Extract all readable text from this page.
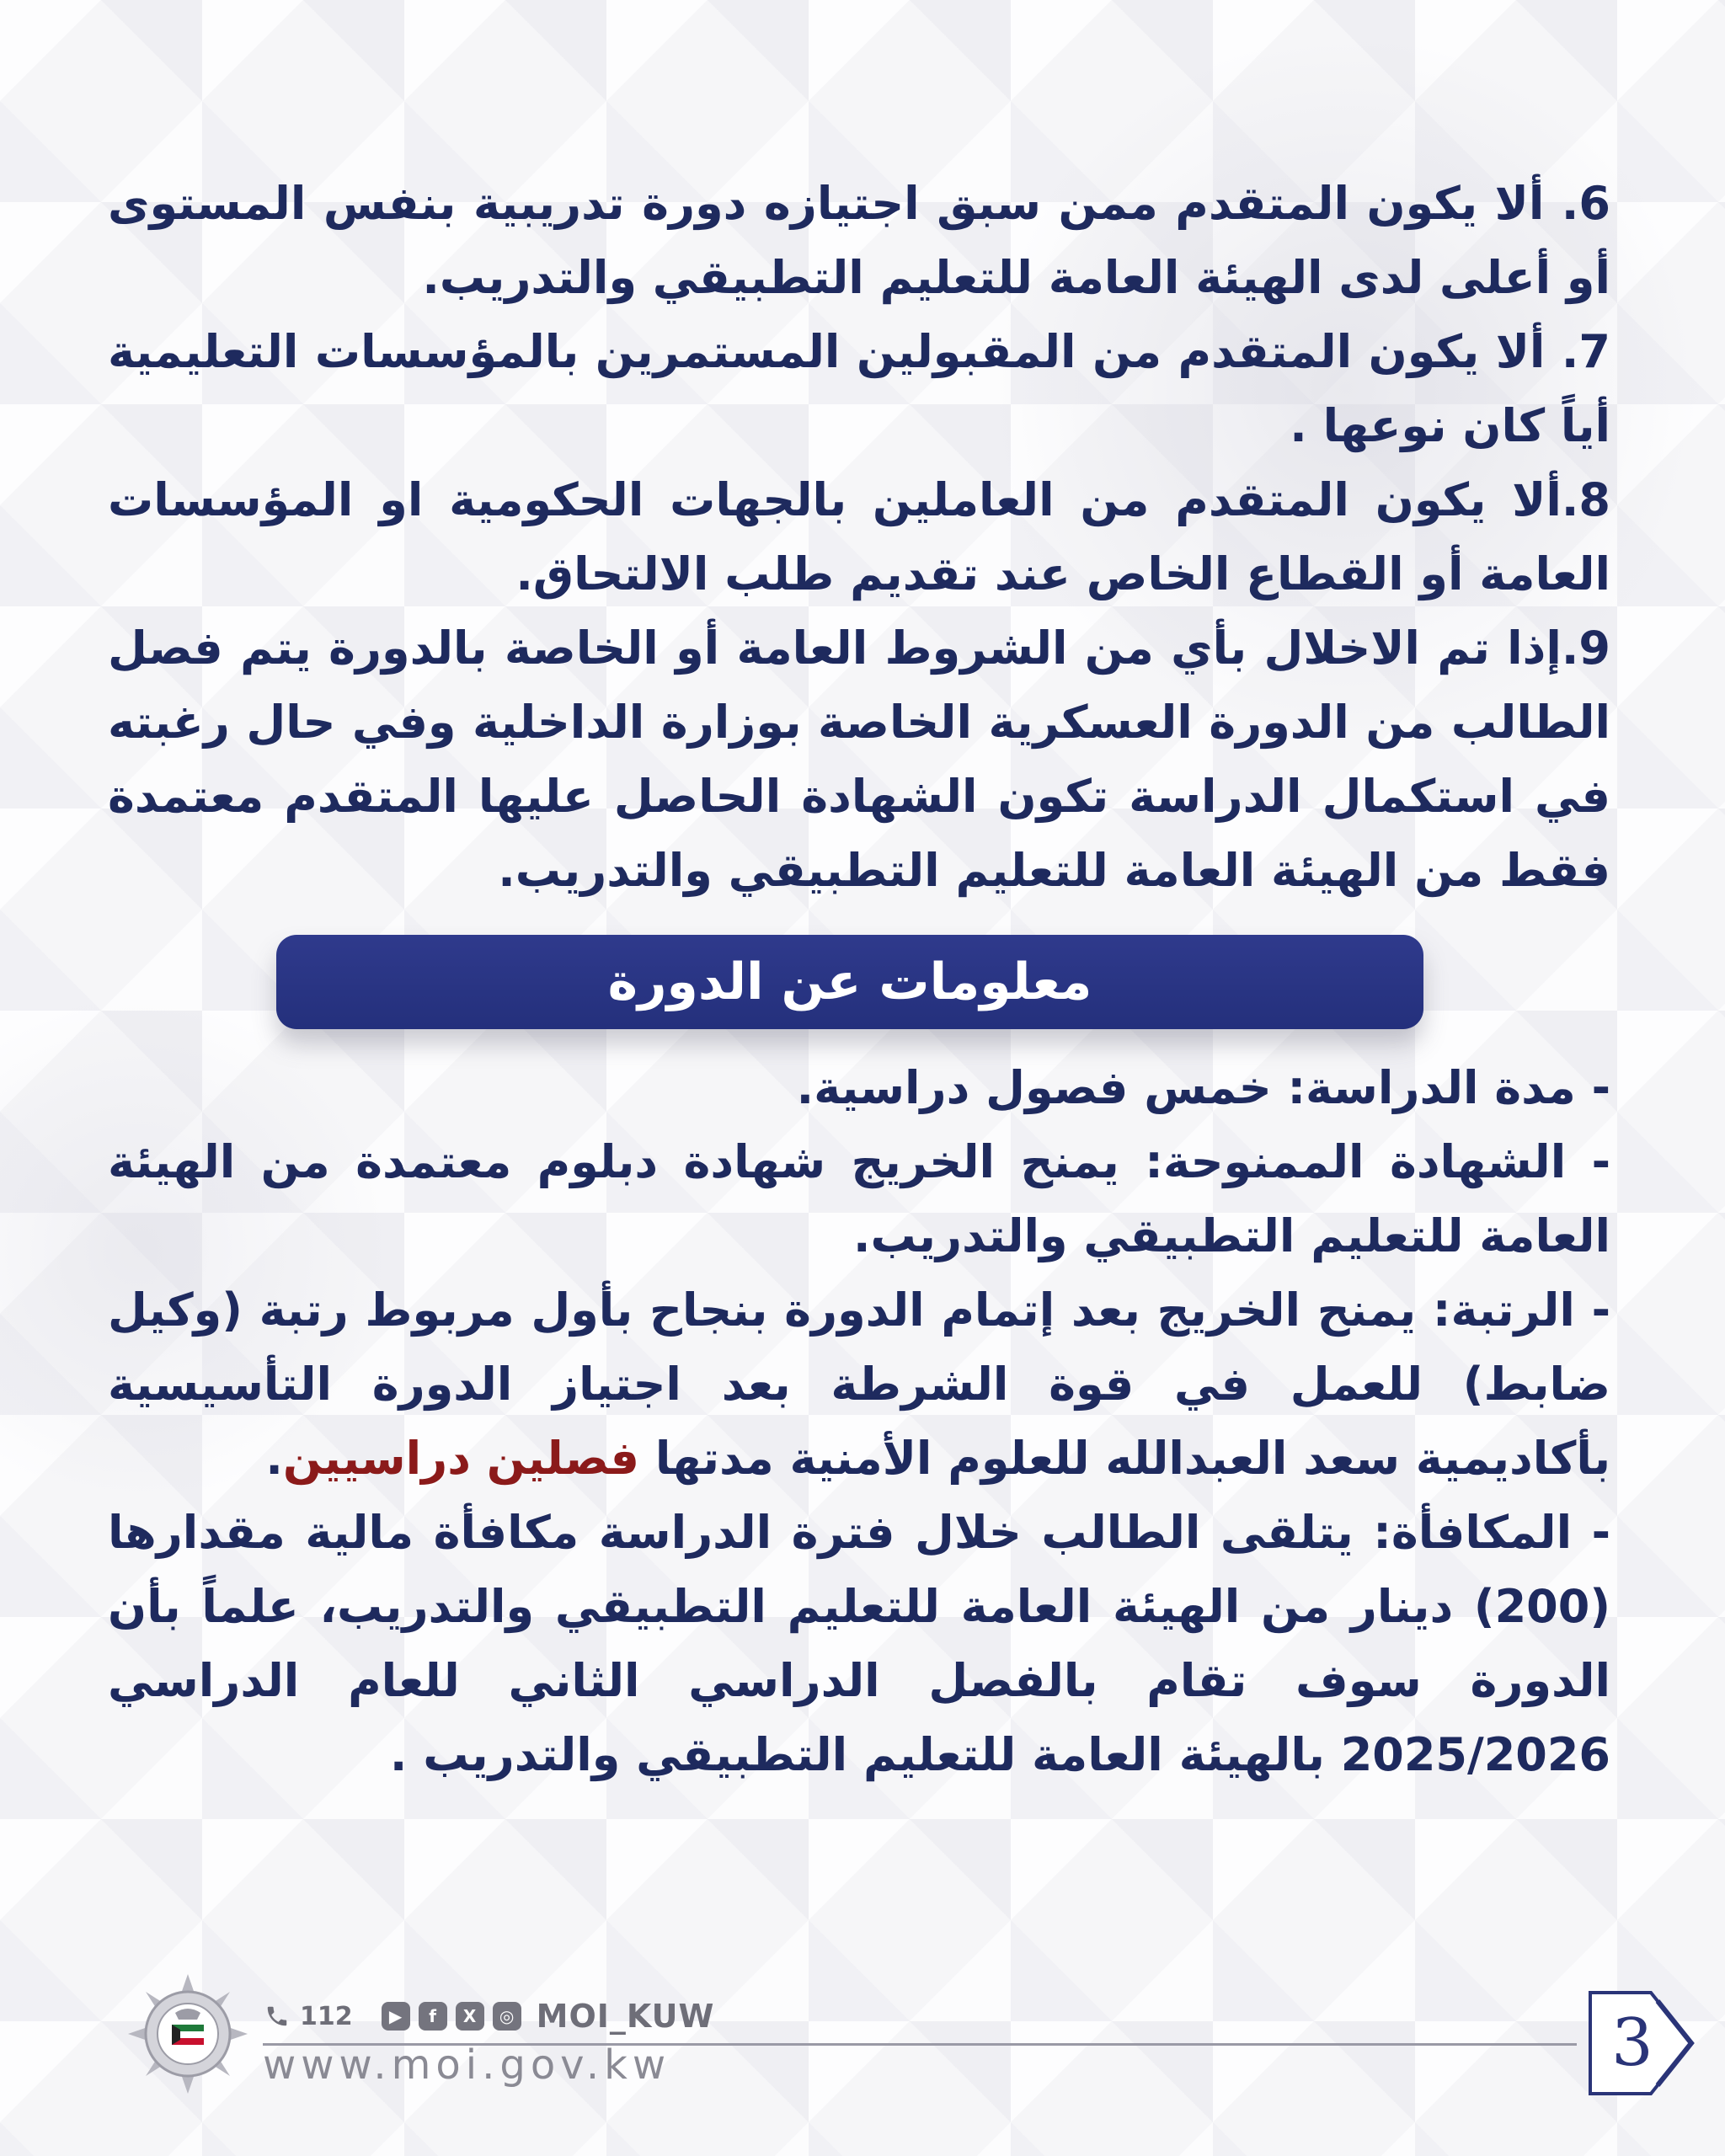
6. ألا يكون المتقدم ممن سبق اجتيازه دورة تدريبية بنفس المستوى أو أعلى لدى الهيئة العامة للتعليم التطبيقي والتدريب.

7. ألا يكون المتقدم من المقبولين المستمرين بالمؤسسات التعليمية أياً كان نوعها .

8.ألا يكون المتقدم من العاملين بالجهات الحكومية او المؤسسات العامة أو القطاع الخاص عند تقديم طلب الالتحاق.

9.إذا تم الاخلال بأي من الشروط العامة أو الخاصة بالدورة يتم فصل الطالب من الدورة العسكرية الخاصة بوزارة الداخلية وفي حال رغبته في استكمال الدراسة تكون الشهادة الحاصل عليها المتقدم معتمدة فقط من الهيئة العامة للتعليم التطبيقي والتدريب.

معلومات عن الدورة

- مدة الدراسة: خمس فصول دراسية.

- الشهادة الممنوحة: يمنح الخريج شهادة دبلوم معتمدة من الهيئة العامة للتعليم التطبيقي والتدريب.

- الرتبة: يمنح الخريج بعد إتمام الدورة بنجاح بأول مربوط رتبة (وكيل ضابط) للعمل في قوة الشرطة بعد اجتياز الدورة التأسيسية بأكاديمية سعد العبدالله للعلوم الأمنية مدتها فصلين دراسيين.

- المكافأة: يتلقى الطالب خلال فترة الدراسة مكافأة مالية مقدارها (200) دينار من الهيئة العامة للتعليم التطبيقي والتدريب، علماً بأن الدورة سوف تقام بالفصل الدراسي الثاني للعام الدراسي 2025/2026 بالهيئة العامة للتعليم التطبيقي والتدريب .

112	▶	f	X	◎ MOI_KUW
www.moi.gov.kw	3
